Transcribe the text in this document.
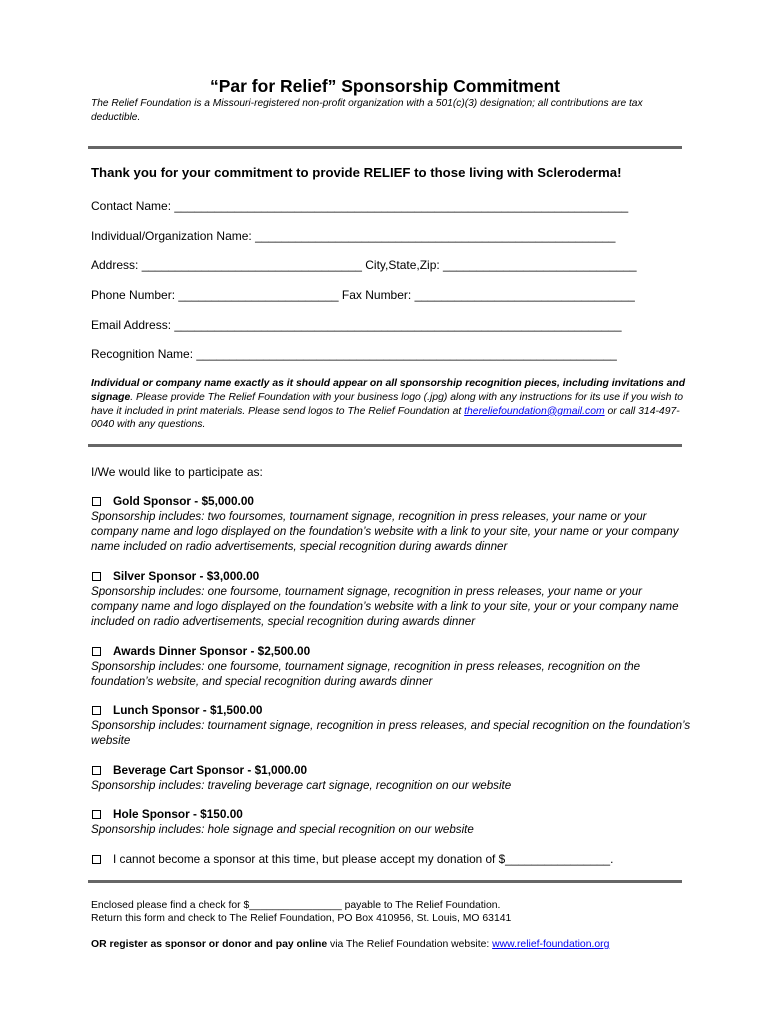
“Par for Relief” Sponsorship Commitment
The Relief Foundation is a Missouri-registered non-profit organization with a 501(c)(3) designation; all contributions are tax deductible.
Thank you for your commitment to provide RELIEF to those living with Scleroderma!
Contact Name: ____________________________________________________________________
Individual/Organization Name: ______________________________________________________
Address: _________________________________ City,State,Zip: _____________________________
Phone Number: ________________________ Fax Number: _________________________________
Email Address: ___________________________________________________________________
Recognition Name: _______________________________________________________________
Individual or company name exactly as it should appear on all sponsorship recognition pieces, including invitations and signage. Please provide The Relief Foundation with your business logo (.jpg) along with any instructions for its use if you wish to have it included in print materials. Please send logos to The Relief Foundation at thereliefoundation@gmail.com or call 314-497-0040 with any questions.
I/We would like to participate as:
Gold Sponsor - $5,000.00
Sponsorship includes: two foursomes, tournament signage, recognition in press releases, your name or your company name and logo displayed on the foundation’s website with a link to your site, your name or your company name included on radio advertisements, special recognition during awards dinner
Silver Sponsor - $3,000.00
Sponsorship includes: one foursome, tournament signage, recognition in press releases, your name or your company name and logo displayed on the foundation’s website with a link to your site, your or your company name included on radio advertisements, special recognition during awards dinner
Awards Dinner Sponsor - $2,500.00
Sponsorship includes: one foursome, tournament signage, recognition in press releases, recognition on the foundation’s website, and special recognition during awards dinner
Lunch Sponsor - $1,500.00
Sponsorship includes: tournament signage, recognition in press releases, and special recognition on the foundation’s website
Beverage Cart Sponsor - $1,000.00
Sponsorship includes: traveling beverage cart signage, recognition on our website
Hole Sponsor - $150.00
Sponsorship includes: hole signage and special recognition on our website
I cannot become a sponsor at this time, but please accept my donation of $________________.
Enclosed please find a check for $________________ payable to The Relief Foundation.
Return this form and check to The Relief Foundation, PO Box 410956, St. Louis, MO 63141
OR register as sponsor or donor and pay online via The Relief Foundation website: www.relief-foundation.org
